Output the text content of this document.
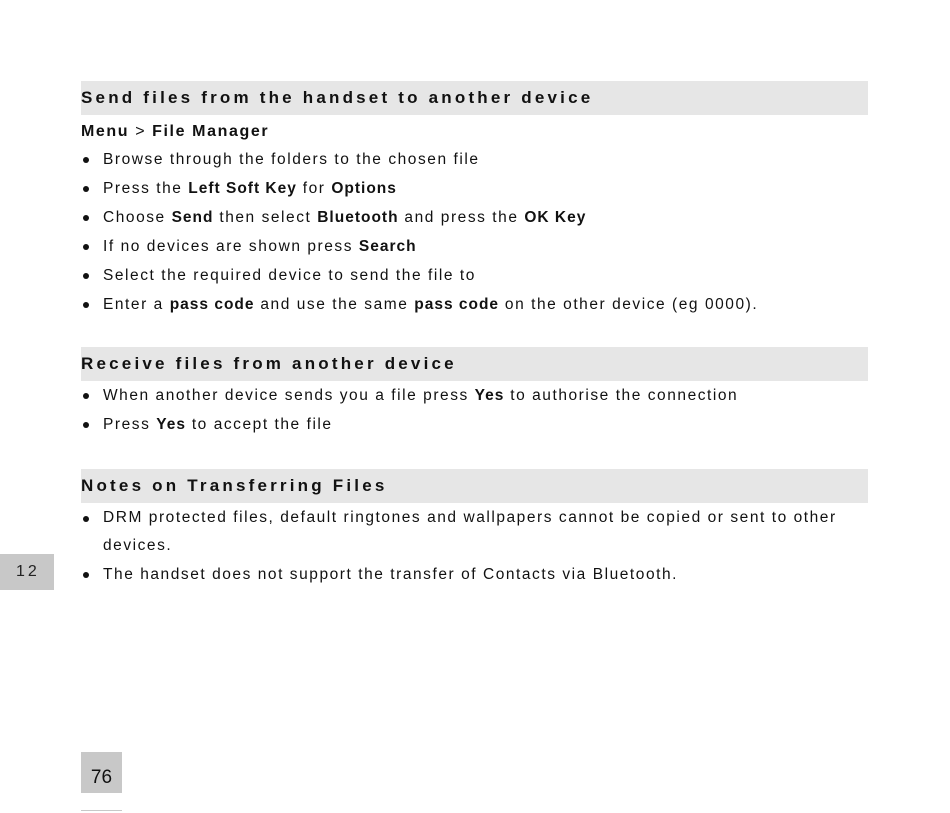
Send files from the handset to another device
Menu > File Manager
Browse through the folders to the chosen file
Press the Left Soft Key for Options
Choose Send then select Bluetooth and press the OK Key
If no devices are shown press Search
Select the required device to send the file to
Enter a pass code and use the same pass code on the other device (eg 0000).
Receive files from another device
When another device sends you a file press Yes to authorise the connection
Press Yes to accept the file
Notes on Transferring Files
DRM protected files, default ringtones and wallpapers cannot be copied or sent to other devices.
The handset does not support the transfer of Contacts via Bluetooth.
12
76
